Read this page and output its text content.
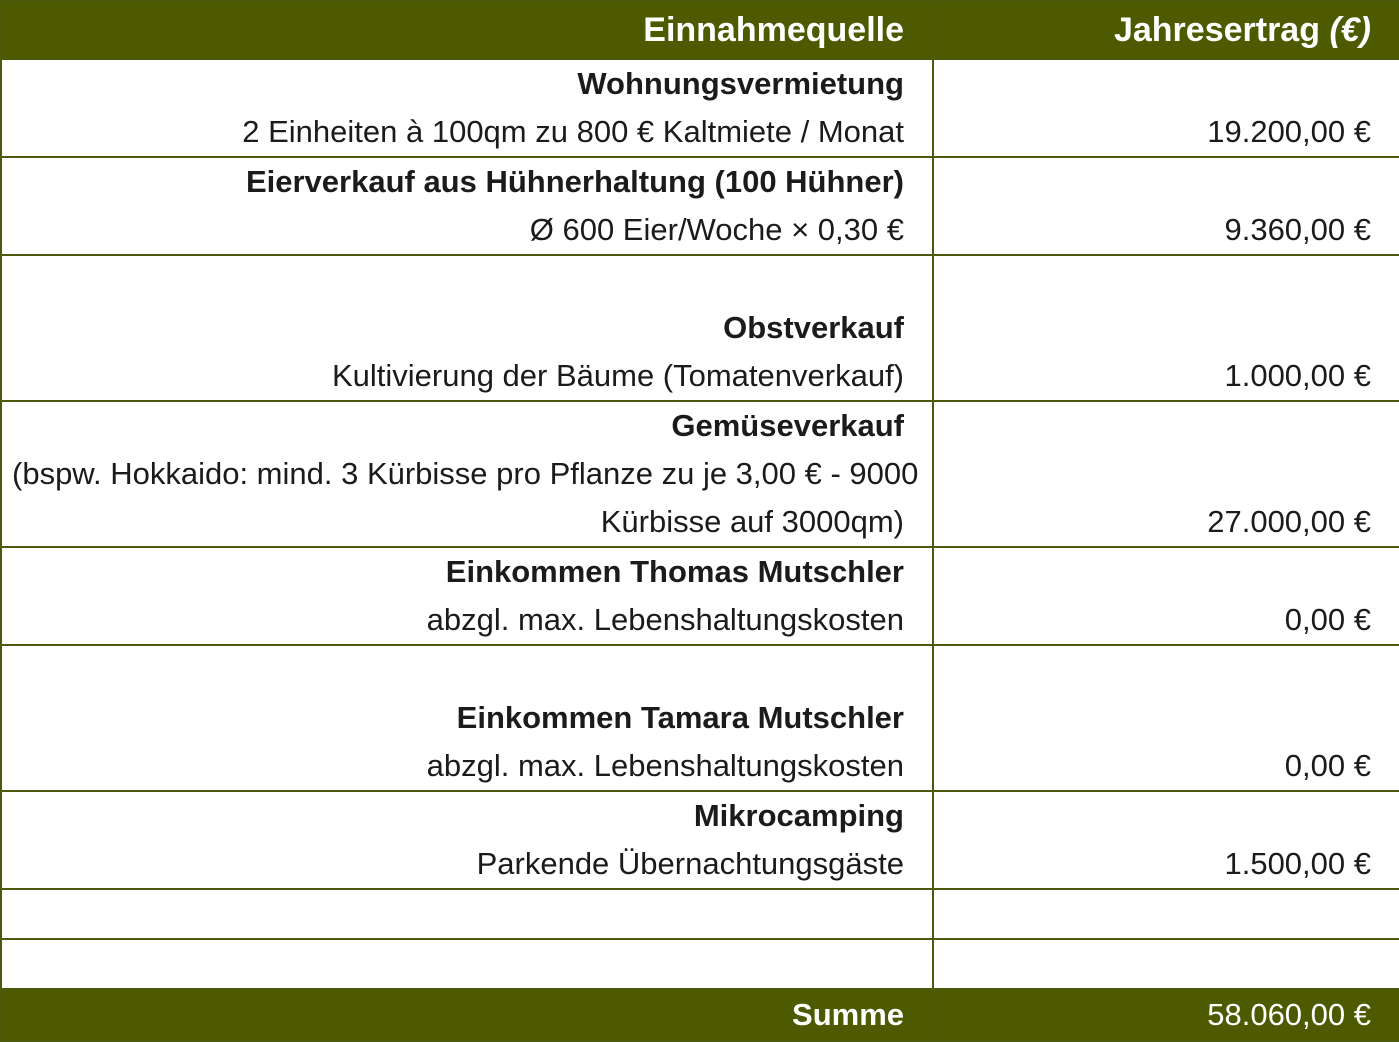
Einnahmequelle	Jahresertrag (€)

Wohnungsvermietung
2 Einheiten à 100qm zu 800 € Kaltmiete / Monat	19.200,00 €

Eierverkauf aus Hühnerhaltung (100 Hühner)
Ø 600 Eier/Woche × 0,30 €	9.360,00 €

Obstverkauf
Kultivierung der Bäume (Tomatenverkauf)	1.000,00 €

Gemüseverkauf
(bspw. Hokkaido: mind. 3 Kürbisse pro Pflanze zu je 3,00 € - 9000
Kürbisse auf 3000qm)	27.000,00 €

Einkommen Thomas Mutschler
abzgl. max. Lebenshaltungskosten	0,00 €

Einkommen Tamara Mutschler
abzgl. max. Lebenshaltungskosten	0,00 €

Mikrocamping
Parkende Übernachtungsgäste	1.500,00 €

Summe	58.060,00 €
